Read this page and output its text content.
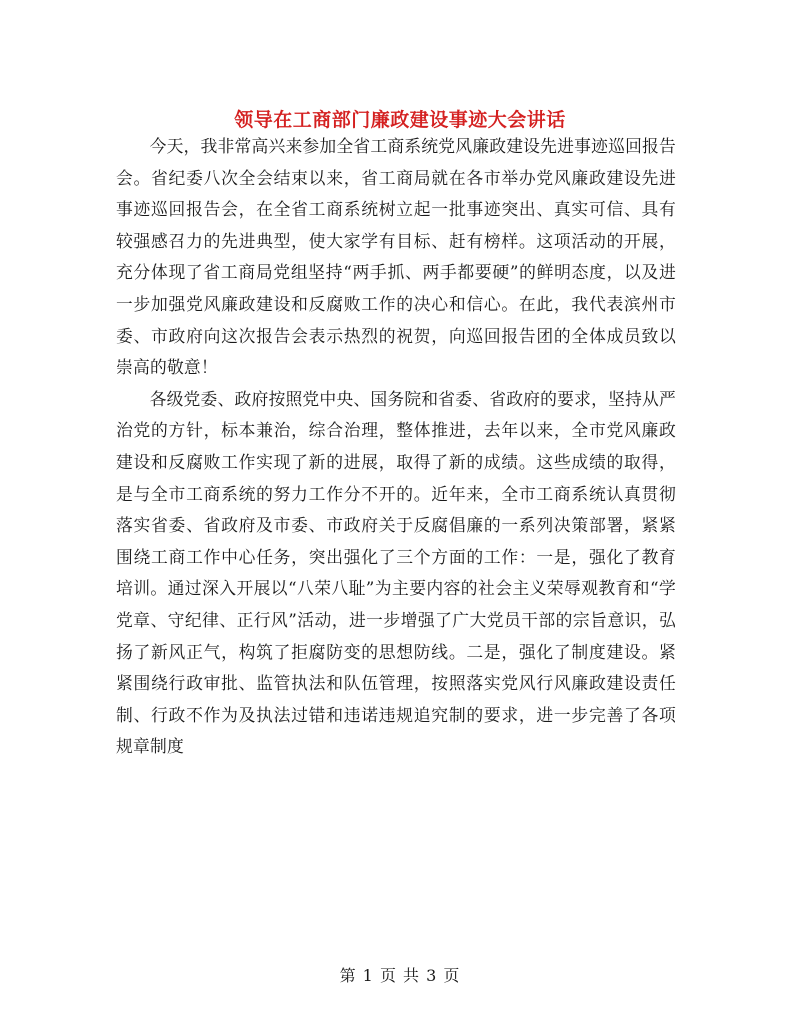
领导在工商部门廉政建设事迹大会讲话

今天，我非常高兴来参加全省工商系统党风廉政建设先进事迹巡回报告会。省纪委八次全会结束以来，省工商局就在各市举办党风廉政建设先进事迹巡回报告会，在全省工商系统树立起一批事迹突出、真实可信、具有较强感召力的先进典型，使大家学有目标、赶有榜样。这项活动的开展，充分体现了省工商局党组坚持“两手抓、两手都要硬”的鲜明态度，以及进一步加强党风廉政建设和反腐败工作的决心和信心。在此，我代表滨州市委、市政府向这次报告会表示热烈的祝贺，向巡回报告团的全体成员致以崇高的敬意！

各级党委、政府按照党中央、国务院和省委、省政府的要求，坚持从严治党的方针，标本兼治，综合治理，整体推进，去年以来，全市党风廉政建设和反腐败工作实现了新的进展，取得了新的成绩。这些成绩的取得，是与全市工商系统的努力工作分不开的。近年来，全市工商系统认真贯彻落实省委、省政府及市委、市政府关于反腐倡廉的一系列决策部署，紧紧围绕工商工作中心任务，突出强化了三个方面的工作：一是，强化了教育培训。通过深入开展以“八荣八耻”为主要内容的社会主义荣辱观教育和“学党章、守纪律、正行风”活动，进一步增强了广大党员干部的宗旨意识，弘扬了新风正气，构筑了拒腐防变的思想防线。二是，强化了制度建设。紧紧围绕行政审批、监管执法和队伍管理，按照落实党风行风廉政建设责任制、行政不作为及执法过错和违诺违规追究制的要求，进一步完善了各项规章制度

第 1 页 共 3 页
